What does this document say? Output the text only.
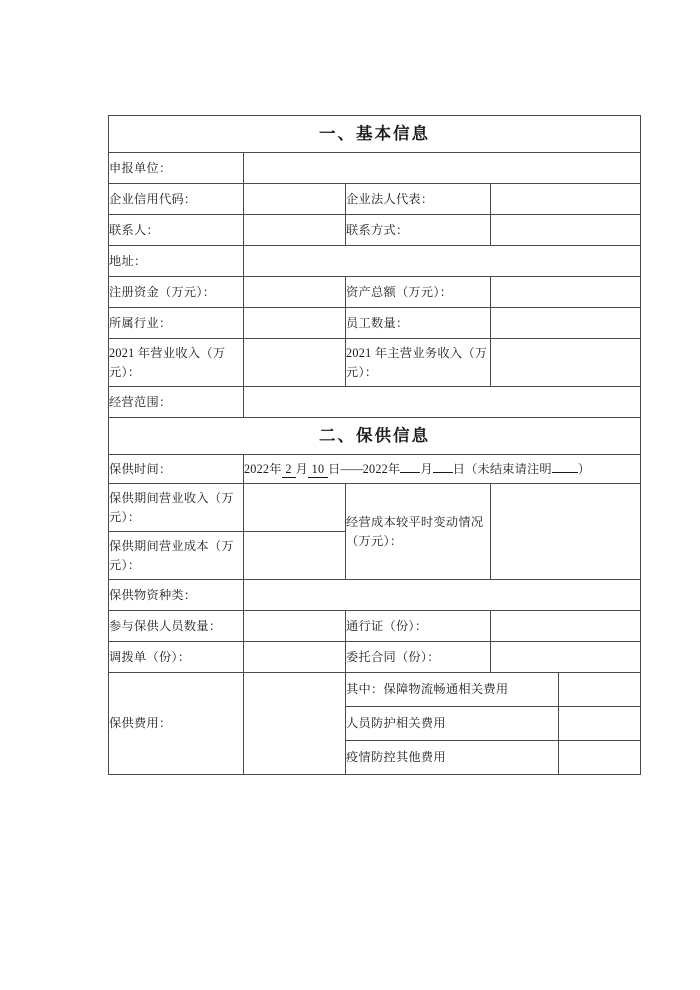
一、基本信息				
申报单位：				
企业信用代码：		企业法人代表：		
联系人：		联系方式：		
地址：				
注册资金（万元）：		资产总额（万元）：		
所属行业：		员工数量：		
2021 年营业收入（万元）：		2021 年主营业务收入（万元）：		
经营范围：				
二、保供信息				
保供时间：	2022年 2 月 10 日——2022年 月 日（未结束请注明 ）			
保供期间营业收入（万元）：		经营成本较平时变动情况（万元）：		
保供期间营业成本（万元）：				
保供物资种类：				
参与保供人员数量：		通行证（份）：		
调拨单（份）：		委托合同（份）：		
保供费用：		其中：保障物流畅通相关费用		
		人员防护相关费用		
		疫情防控其他费用		
